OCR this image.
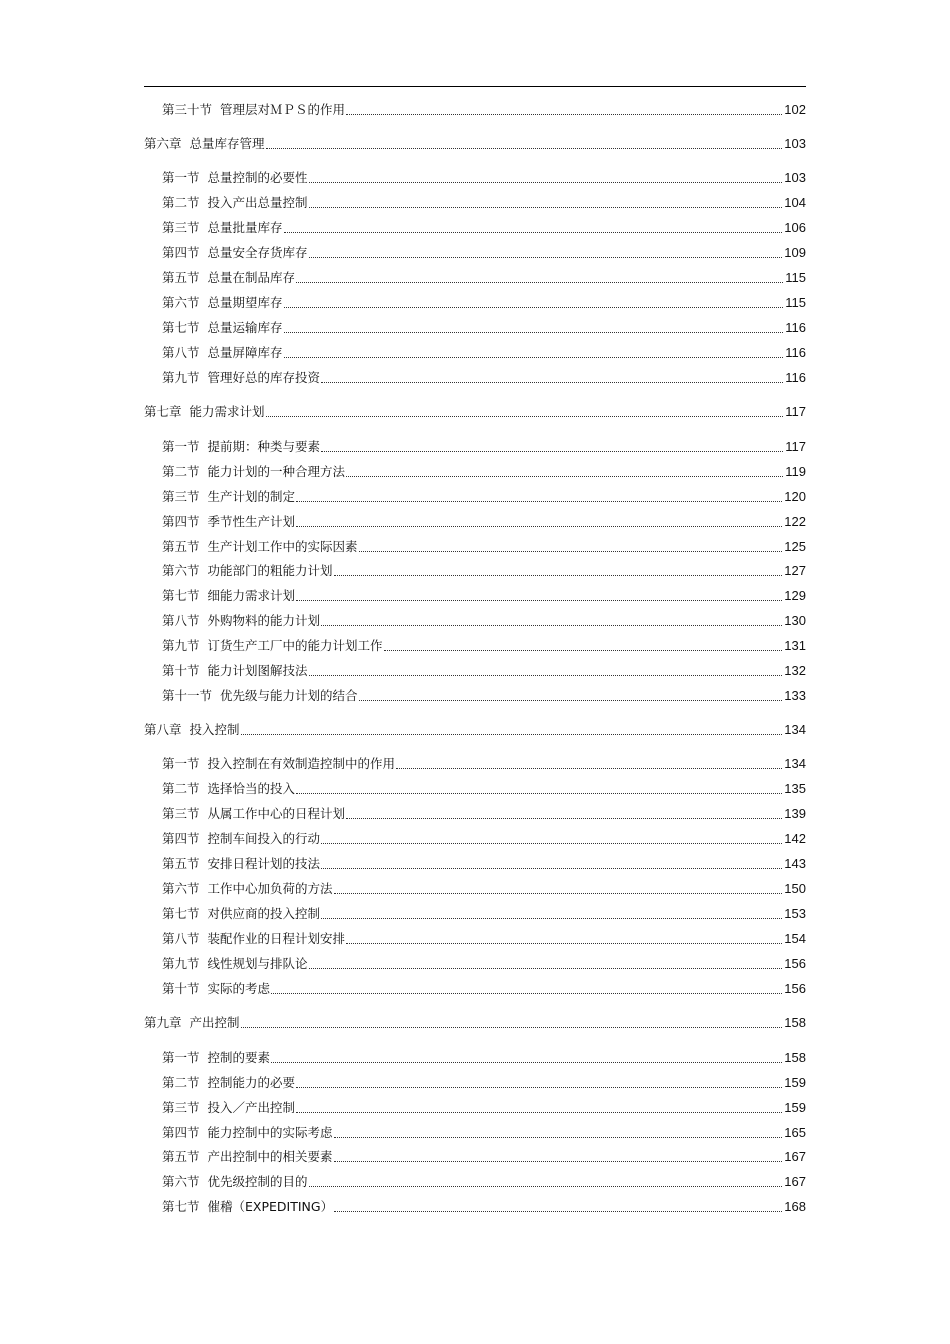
第三十节 管理层对ＭＰＳ的作用	102
第六章 总量库存管理	103
第一节 总量控制的必要性	103
第二节 投入产出总量控制	104
第三节 总量批量库存	106
第四节 总量安全存货库存	109
第五节 总量在制品库存	115
第六节 总量期望库存	115
第七节 总量运输库存	116
第八节 总量屏障库存	116
第九节 管理好总的库存投资	116
第七章 能力需求计划	117
第一节 提前期：种类与要素	117
第二节 能力计划的一种合理方法	119
第三节 生产计划的制定	120
第四节 季节性生产计划	122
第五节 生产计划工作中的实际因素	125
第六节 功能部门的粗能力计划	127
第七节 细能力需求计划	129
第八节 外购物料的能力计划	130
第九节 订货生产工厂中的能力计划工作	131
第十节 能力计划图解技法	132
第十一节 优先级与能力计划的结合	133
第八章 投入控制	134
第一节 投入控制在有效制造控制中的作用	134
第二节 选择恰当的投入	135
第三节 从属工作中心的日程计划	139
第四节 控制车间投入的行动	142
第五节 安排日程计划的技法	143
第六节 工作中心加负荷的方法	150
第七节 对供应商的投入控制	153
第八节 装配作业的日程计划安排	154
第九节 线性规划与排队论	156
第十节 实际的考虑	156
第九章 产出控制	158
第一节 控制的要素	158
第二节 控制能力的必要	159
第三节 投入／产出控制	159
第四节 能力控制中的实际考虑	165
第五节 产出控制中的相关要素	167
第六节 优先级控制的目的	167
第七节 催稽（EXPEDITING）	168
